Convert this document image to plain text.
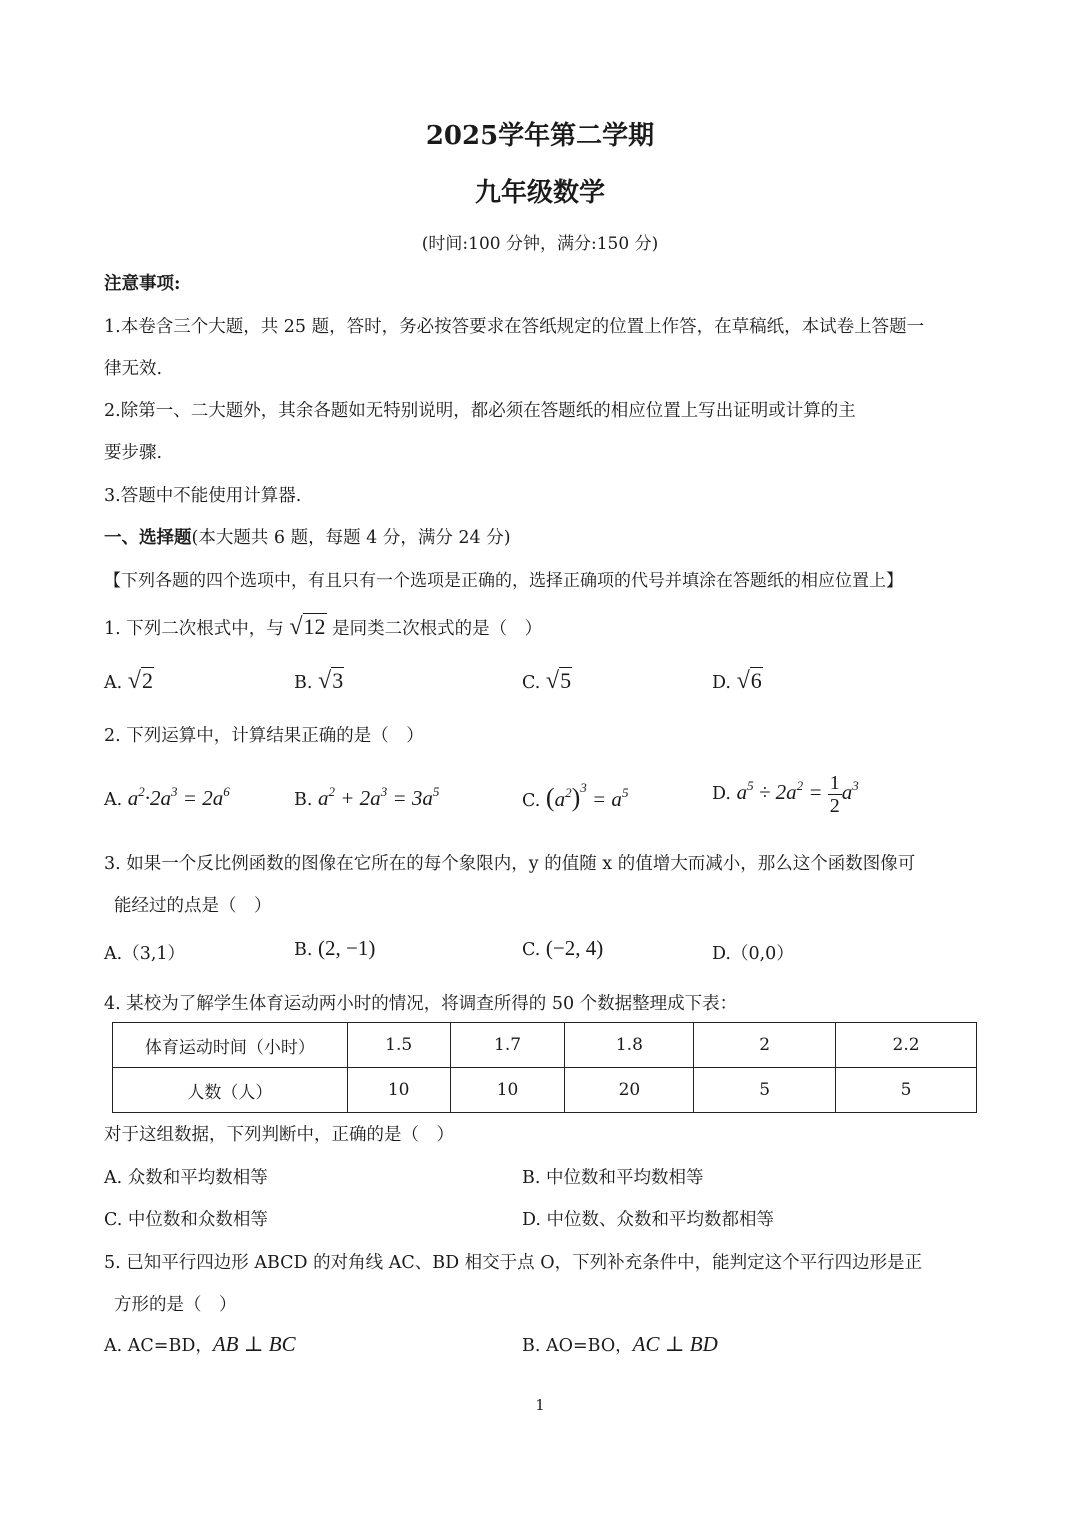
2025学年第二学期
九年级数学
(时间:100 分钟，满分:150 分)
注意事项:
1.本卷含三个大题，共 25 题，答时，务必按答要求在答纸规定的位置上作答，在草稿纸，本试卷上答题一
律无效.
2.除第一、二大题外，其余各题如无特别说明，都必须在答题纸的相应位置上写出证明或计算的主
要步骤.
3.答题中不能使用计算器.
一、选择题(本大题共 6 题，每题 4 分，满分 24 分)
【下列各题的四个选项中，有且只有一个选项是正确的，选择正确项的代号并填涂在答题纸的相应位置上】
1. 下列二次根式中，与 √12 是同类二次根式的是（　）
A. √2	B. √3	C. √5	D. √6
2. 下列运算中，计算结果正确的是（　）
A. $a^2\cdot 2a^3 = 2a^6$	B. $a^2 + 2a^3 = 3a^5$	C. $(a^2)^3 = a^5$	D. $a^5 \div 2a^2 = \frac{1}{2} a^3$
3. 如果一个反比例函数的图像在它所在的每个象限内，y 的值随 x 的值增大而减小，那么这个函数图像可
能经过的点是（　）
A.（3,1）	B. (2, −1)	C. (−2, 4)	D.（0,0）
4. 某校为了解学生体育运动两小时的情况，将调查所得的 50 个数据整理成下表：
体育运动时间（小时）	1.5	1.7	1.8	2	2.2
人数（人）	10	10	20	5	5
对于这组数据，下列判断中，正确的是（　）
A. 众数和平均数相等	B. 中位数和平均数相等
C. 中位数和众数相等	D. 中位数、众数和平均数都相等
5. 已知平行四边形 ABCD 的对角线 AC、BD 相交于点 O，下列补充条件中，能判定这个平行四边形是正
方形的是（　）
A. AC=BD，AB ⊥ BC	B. AO=BO，AC ⊥ BD
1
